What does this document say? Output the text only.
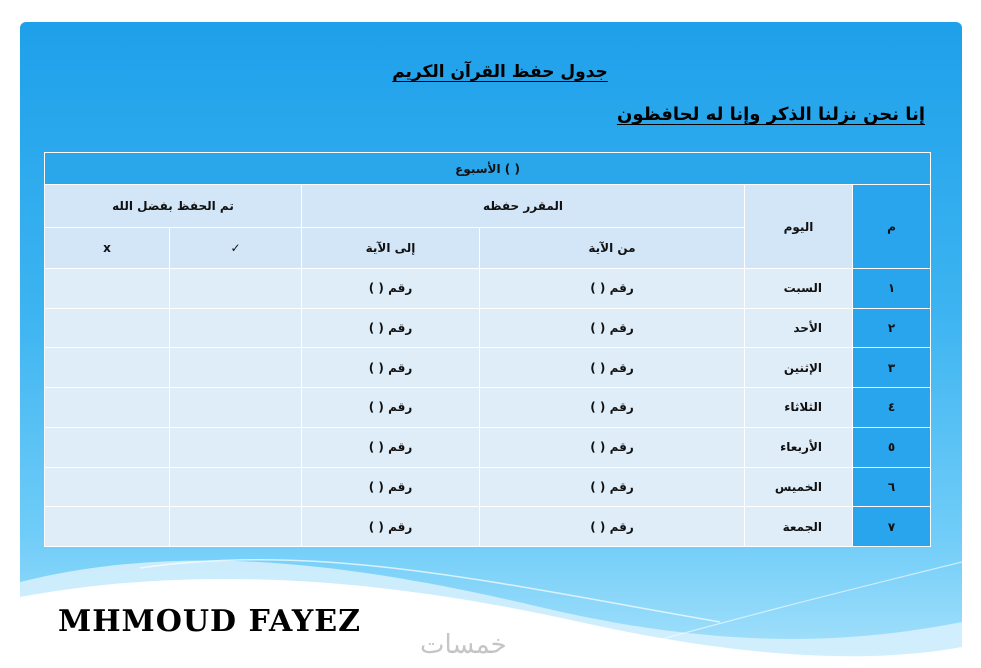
جدول حفظ القرآن الكريم
إنا نحن نزلنا الذكر وإنا له لحافظون
الأسبوع ( )					
تم الحفظ بفضل الله		المقرر حفظه		اليوم	م
x	✓	إلى الآية	من الآية		
		رقم ( )	رقم ( )	السبت	١
		رقم ( )	رقم ( )	الأحد	٢
		رقم ( )	رقم ( )	الإثنين	٣
		رقم ( )	رقم ( )	الثلاثاء	٤
		رقم ( )	رقم ( )	الأربعاء	٥
		رقم ( )	رقم ( )	الخميس	٦
		رقم ( )	رقم ( )	الجمعة	٧
MHMOUD FAYEZ
خمسات
